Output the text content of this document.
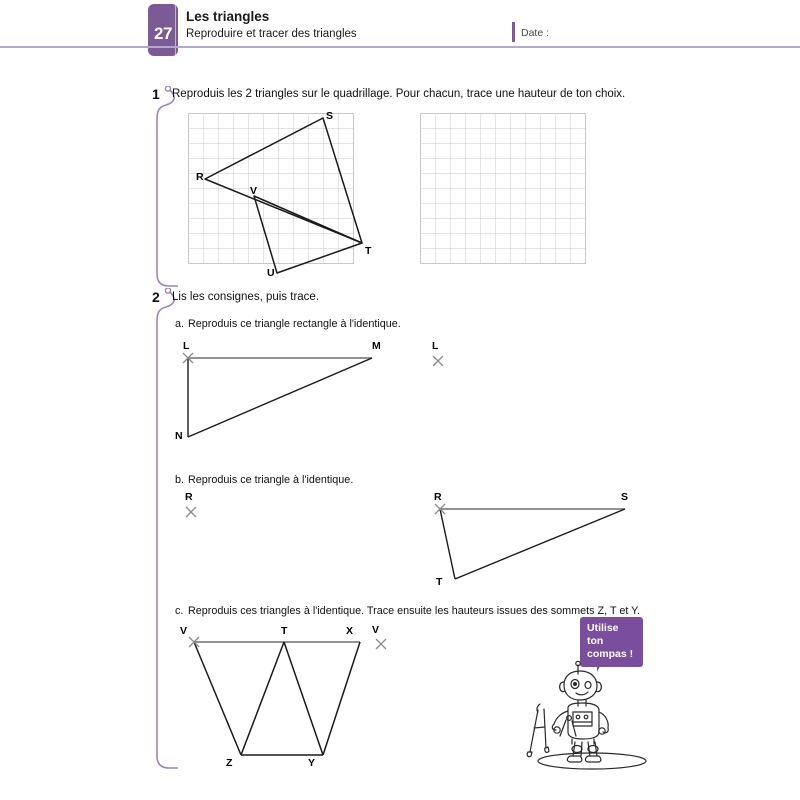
27
Les triangles
Reproduire et tracer des triangles	Date :
1 Reproduis les 2 triangles sur le quadrillage. Pour chacun, trace une hauteur de ton choix.
R
S
T
V
U
2 Lis les consignes, puis trace.
a. Reproduis ce triangle rectangle à l'identique.
L	M
N
L
b. Reproduis ce triangle à l'identique.
R	R	S
T
c. Reproduis ces triangles à l'identique. Trace ensuite les hauteurs issues des sommets Z, T et Y.
V	T	X
Z	Y
V	Utilise ton
compas !
